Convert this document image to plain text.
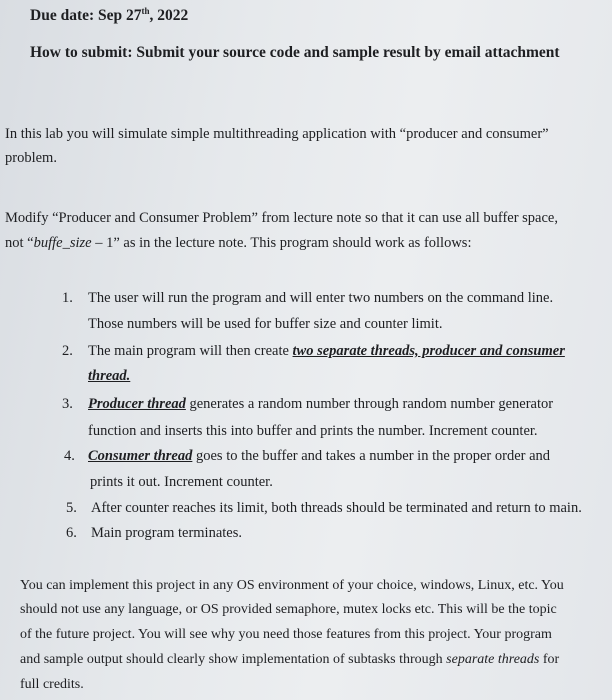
Due date: Sep 27th, 2022
How to submit: Submit your source code and sample result by email attachment
In this lab you will simulate simple multithreading application with “producer and consumer”
problem.
Modify “Producer and Consumer Problem” from lecture note so that it can use all buffer space,
not “buffe_size – 1” as in the lecture note. This program should work as follows:
1. The user will run the program and will enter two numbers on the command line.
Those numbers will be used for buffer size and counter limit.
2. The main program will then create two separate threads, producer and consumer
thread.
3. Producer thread generates a random number through random number generator
function and inserts this into buffer and prints the number. Increment counter.
4. Consumer thread goes to the buffer and takes a number in the proper order and
prints it out. Increment counter.
5. After counter reaches its limit, both threads should be terminated and return to main.
6. Main program terminates.
You can implement this project in any OS environment of your choice, windows, Linux, etc. You
should not use any language, or OS provided semaphore, mutex locks etc. This will be the topic
of the future project. You will see why you need those features from this project. Your program
and sample output should clearly show implementation of subtasks through separate threads for
full credits.
